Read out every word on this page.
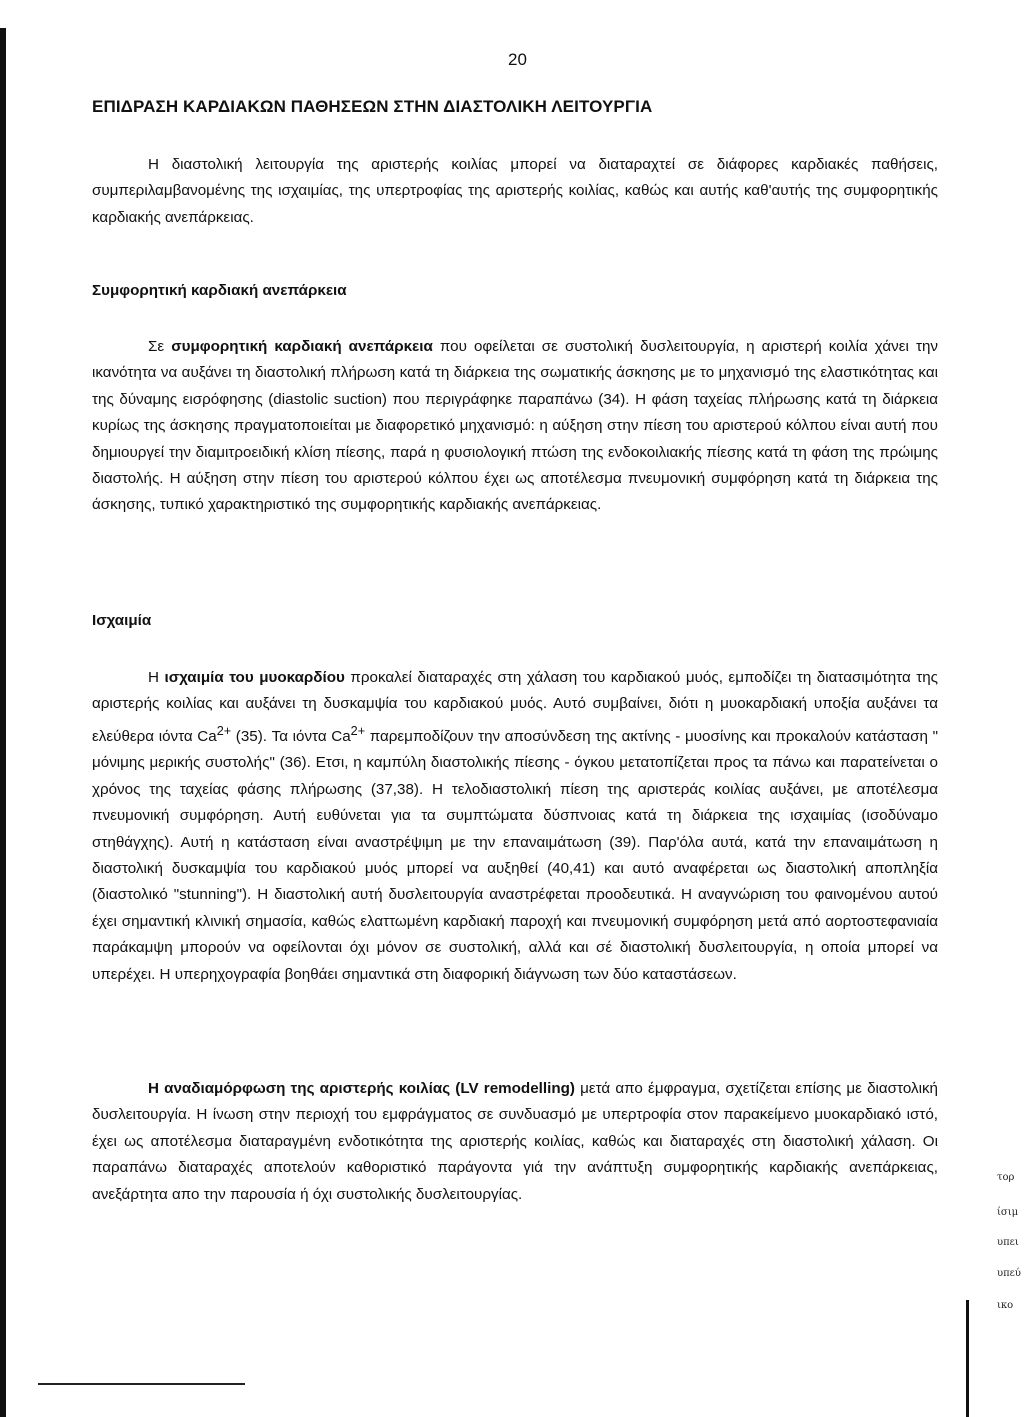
20

ΕΠΙΔΡΑΣΗ ΚΑΡΔΙΑΚΩΝ ΠΑΘΗΣΕΩΝ ΣΤΗΝ ΔΙΑΣΤΟΛΙΚΗ ΛΕΙΤΟΥΡΓΙΑ

Η διαστολική λειτουργία της αριστερής κοιλίας μπορεί να διαταραχτεί σε διάφορες καρδιακές παθήσεις, συμπεριλαμβανομένης της ισχαιμίας, της υπερτροφίας της αριστερής κοιλίας, καθώς και αυτής καθ'αυτής της συμφορητικής καρδιακής ανεπάρκειας.

Συμφορητική καρδιακή ανεπάρκεια

Σε συμφορητική καρδιακή ανεπάρκεια που οφείλεται σε συστολική δυσλειτουργία, η αριστερή κοιλία χάνει την ικανότητα να αυξάνει τη διαστολική πλήρωση κατά τη διάρκεια της σωματικής άσκησης με το μηχανισμό της ελαστικότητας και της δύναμης εισρόφησης (diastolic suction) που περιγράφηκε παραπάνω (34). Η φάση ταχείας πλήρωσης κατά τη διάρκεια κυρίως της άσκησης πραγματοποιείται με διαφορετικό μηχανισμό: η αύξηση στην πίεση του αριστερού κόλπου είναι αυτή που δημιουργεί την διαμιτροειδική κλίση πίεσης, παρά η φυσιολογική πτώση της ενδοκοιλιακής πίεσης κατά τη φάση της πρώιμης διαστολής. Η αύξηση στην πίεση του αριστερού κόλπου έχει ως αποτέλεσμα πνευμονική συμφόρηση κατά τη διάρκεια της άσκησης, τυπικό χαρακτηριστικό της συμφορητικής καρδιακής ανεπάρκειας.

Ισχαιμία

Η ισχαιμία του μυοκαρδίου προκαλεί διαταραχές στη χάλαση του καρδιακού μυός, εμποδίζει τη διατασιμότητα της αριστερής κοιλίας και αυξάνει τη δυσκαμψία του καρδιακού μυός. Αυτό συμβαίνει, διότι η μυοκαρδιακή υποξία αυξάνει τα ελεύθερα ιόντα $Ca^{2+}$ (35). Τα ιόντα $Ca^{2+}$ παρεμποδίζουν την αποσύνδεση της ακτίνης - μυοσίνης και προκαλούν κατάσταση " μόνιμης μερικής συστολής" (36). Ετσι, η καμπύλη διαστολικής πίεσης - όγκου μετατοπίζεται προς τα πάνω και παρατείνεται ο χρόνος της ταχείας φάσης πλήρωσης (37,38). Η τελοδιαστολική πίεση της αριστεράς κοιλίας αυξάνει, με αποτέλεσμα πνευμονική συμφόρηση. Αυτή ευθύνεται για τα συμπτώματα δύσπνοιας κατά τη διάρκεια της ισχαιμίας (ισοδύναμο στηθάγχης). Αυτή η κατάσταση είναι αναστρέψιμη με την επαναιμάτωση (39). Παρ'όλα αυτά, κατά την επαναιμάτωση η διαστολική δυσκαμψία του καρδιακού μυός μπορεί να αυξηθεί (40,41) και αυτό αναφέρεται ως διαστολική αποπληξία (διαστολικό "stunning"). Η διαστολική αυτή δυσλειτουργία αναστρέφεται προοδευτικά. Η αναγνώριση του φαινομένου αυτού έχει σημαντική κλινική σημασία, καθώς ελαττωμένη καρδιακή παροχή και πνευμονική συμφόρηση μετά από αορτοστεφανιαία παράκαμψη μπορούν να οφείλονται όχι μόνον σε συστολική, αλλά και σέ διαστολική δυσλειτουργία, η οποία μπορεί να υπερέχει. Η υπερηχογραφία βοηθάει σημαντικά στη διαφορική διάγνωση των δύο καταστάσεων.

Η αναδιαμόρφωση της αριστερής κοιλίας (LV remodelling) μετά απο έμφραγμα, σχετίζεται επίσης με διαστολική δυσλειτουργία. Η ίνωση στην περιοχή του εμφράγματος σε συνδυασμό με υπερτροφία στον παρακείμενο μυοκαρδιακό ιστό, έχει ως αποτέλεσμα διαταραγμένη ενδοτικότητα της αριστερής κοιλίας, καθώς και διαταραχές στη διαστολική χάλαση. Οι παραπάνω διαταραχές αποτελούν καθοριστικό παράγοντα γιά την ανάπτυξη συμφορητικής καρδιακής ανεπάρκειας, ανεξάρτητα απο την παρουσία ή όχι συστολικής δυσλειτουργίας.

τορ
ίσιμ
υπει
υπεύ
ικο
